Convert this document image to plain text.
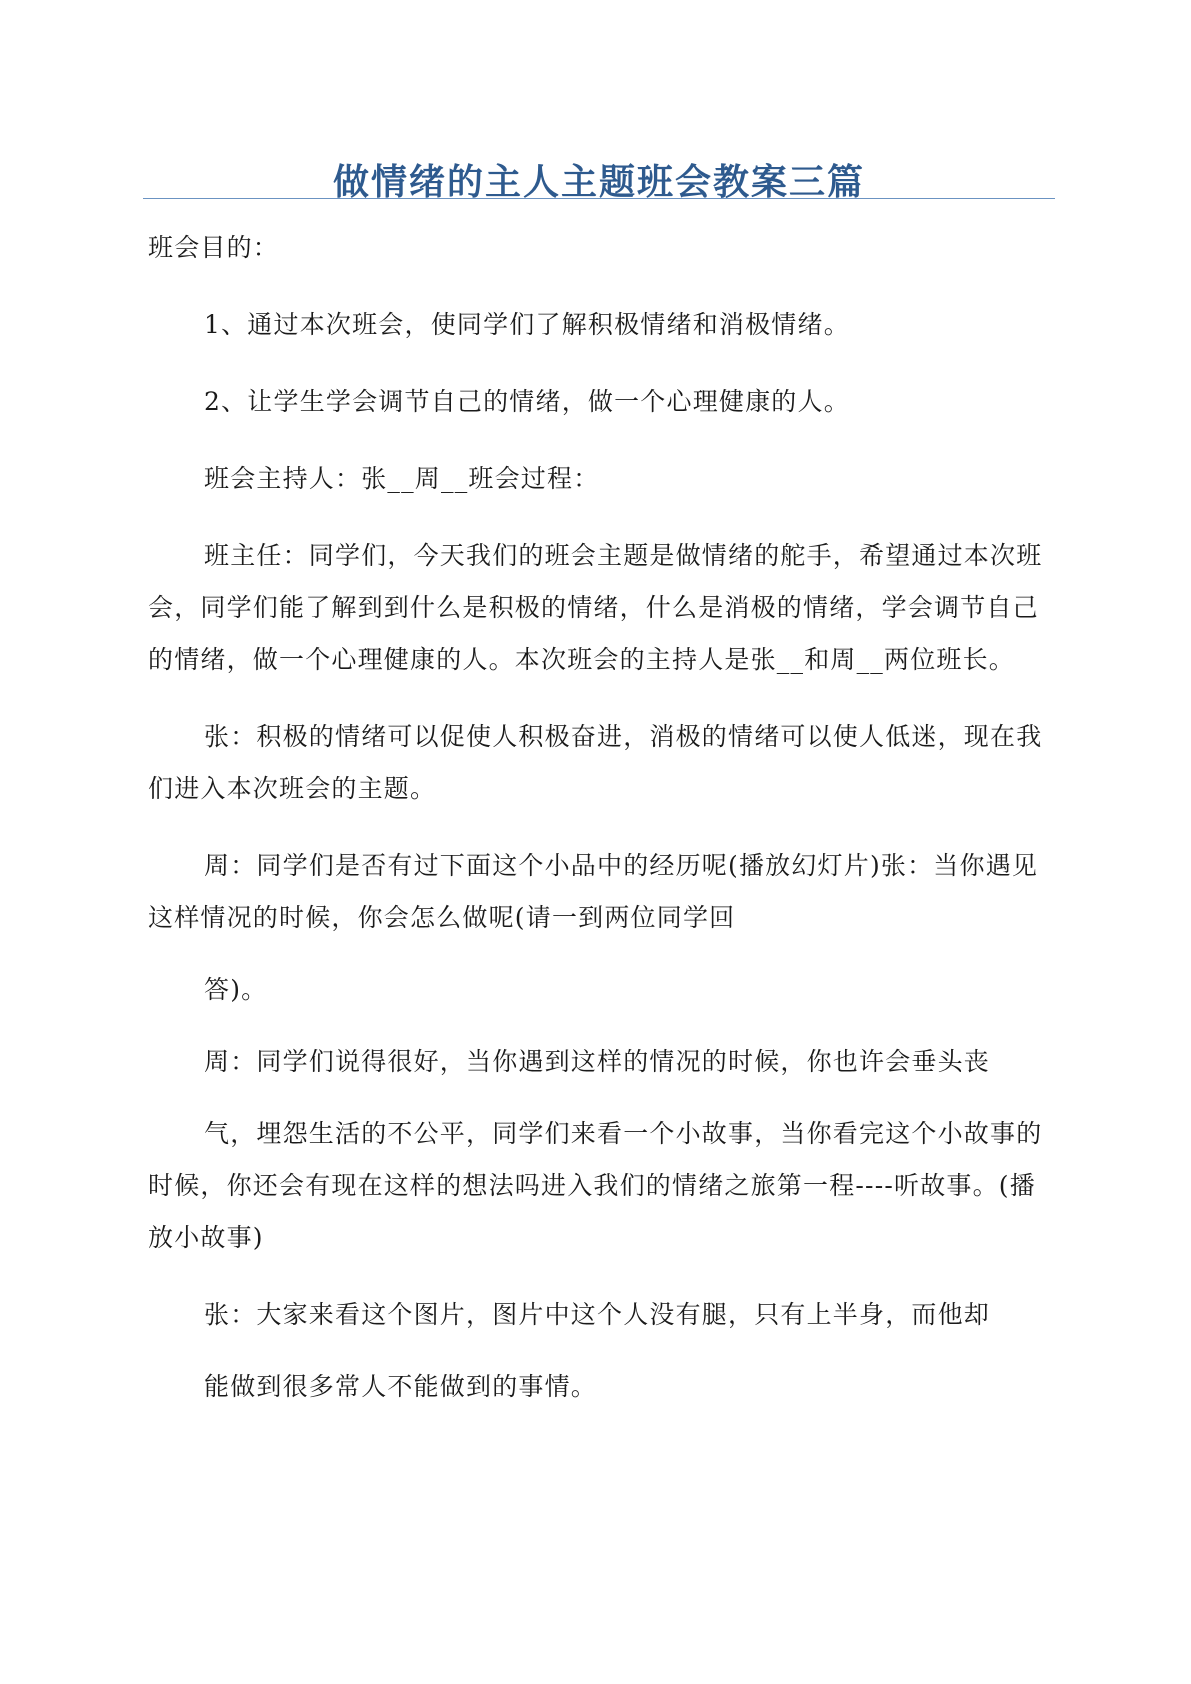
做情绪的主人主题班会教案三篇

班会目的：

1、通过本次班会，使同学们了解积极情绪和消极情绪。

2、让学生学会调节自己的情绪，做一个心理健康的人。

班会主持人：张__周__班会过程：

班主任：同学们，今天我们的班会主题是做情绪的舵手，希望通过本次班会，同学们能了解到到什么是积极的情绪，什么是消极的情绪，学会调节自己的情绪，做一个心理健康的人。本次班会的主持人是张__和周__两位班长。

张：积极的情绪可以促使人积极奋进，消极的情绪可以使人低迷，现在我们进入本次班会的主题。

周：同学们是否有过下面这个小品中的经历呢(播放幻灯片)张：当你遇见这样情况的时候，你会怎么做呢(请一到两位同学回

答)。

周：同学们说得很好，当你遇到这样的情况的时候，你也许会垂头丧

气，埋怨生活的不公平，同学们来看一个小故事，当你看完这个小故事的时候，你还会有现在这样的想法吗进入我们的情绪之旅第一程----听故事。(播放小故事)

张：大家来看这个图片，图片中这个人没有腿，只有上半身，而他却

能做到很多常人不能做到的事情。
